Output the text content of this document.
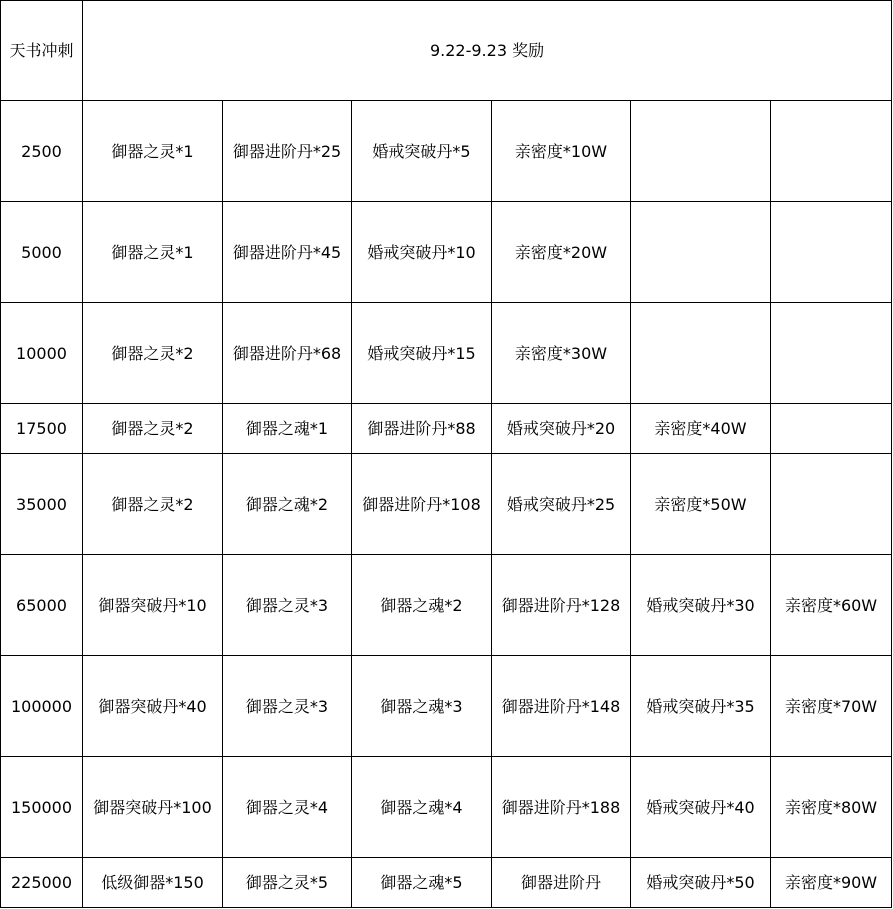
天书冲刺	9.22-9.23 奖励					
2500	御器之灵*1	御器进阶丹*25	婚戒突破丹*5	亲密度*10W		
5000	御器之灵*1	御器进阶丹*45	婚戒突破丹*10	亲密度*20W		
10000	御器之灵*2	御器进阶丹*68	婚戒突破丹*15	亲密度*30W		
17500	御器之灵*2	御器之魂*1	御器进阶丹*88	婚戒突破丹*20	亲密度*40W	
35000	御器之灵*2	御器之魂*2	御器进阶丹*108	婚戒突破丹*25	亲密度*50W	
65000	御器突破丹*10	御器之灵*3	御器之魂*2	御器进阶丹*128	婚戒突破丹*30	亲密度*60W
100000	御器突破丹*40	御器之灵*3	御器之魂*3	御器进阶丹*148	婚戒突破丹*35	亲密度*70W
150000	御器突破丹*100	御器之灵*4	御器之魂*4	御器进阶丹*188	婚戒突破丹*40	亲密度*80W
225000	低级御器*150	御器之灵*5	御器之魂*5	御器进阶丹	婚戒突破丹*50	亲密度*90W
